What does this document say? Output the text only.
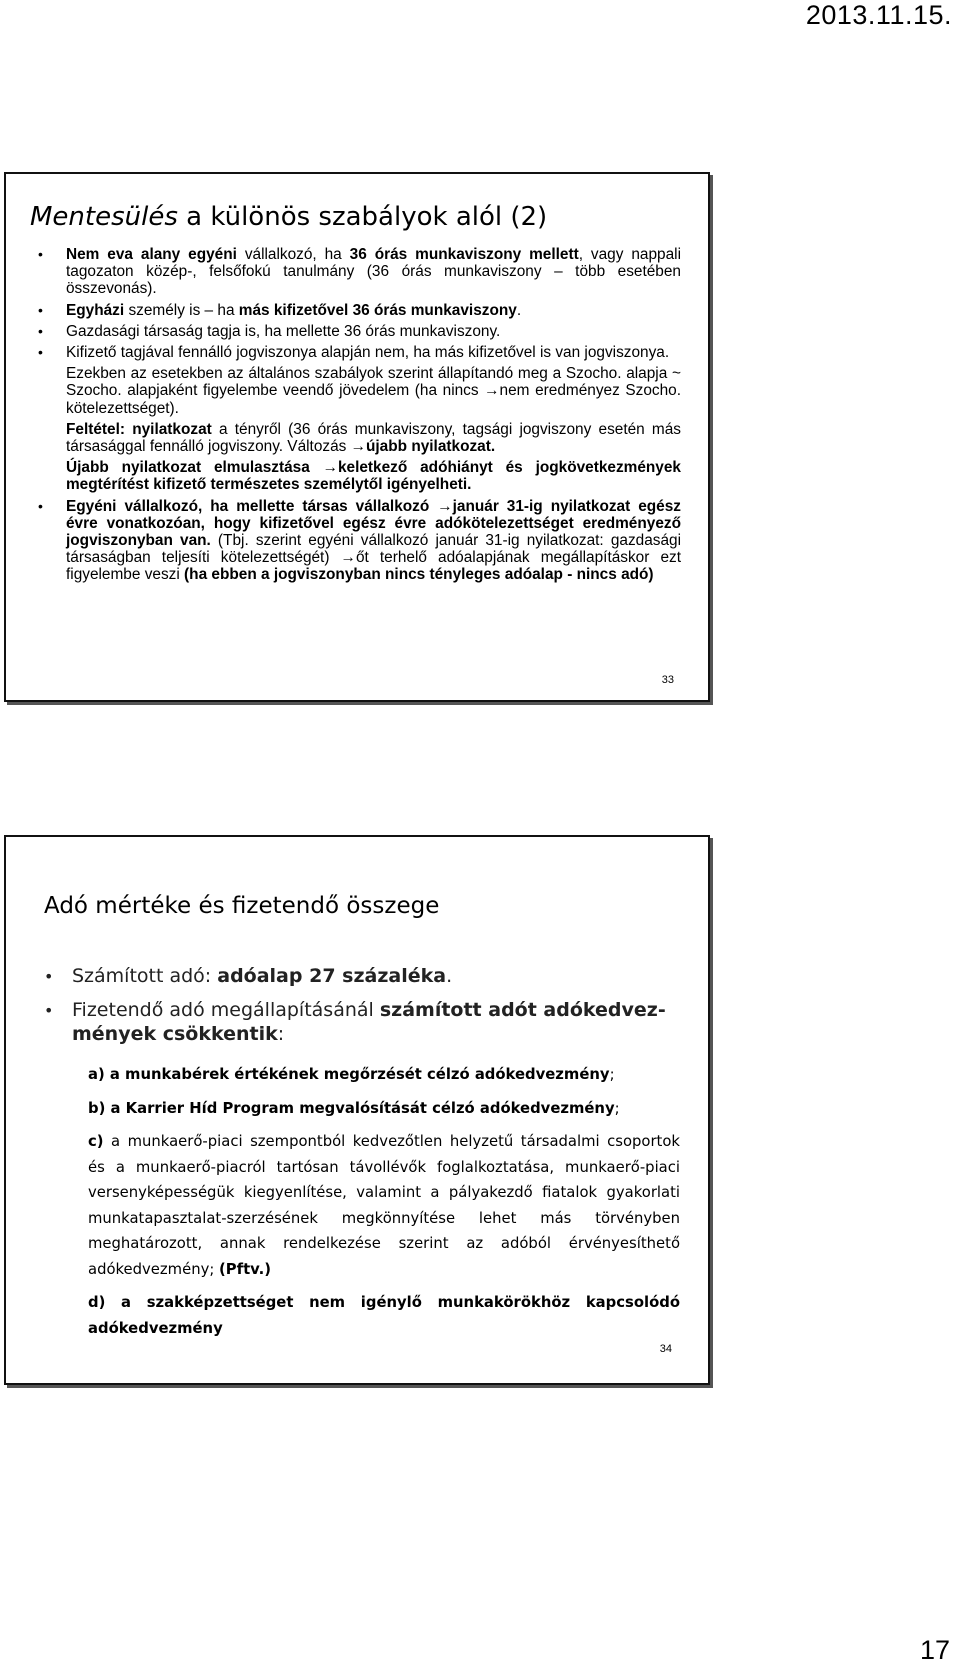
2013.11.15.
Mentesülés a különös szabályok alól (2)
• Nem eva alany egyéni vállalkozó, ha 36 órás munkaviszony mellett, vagy nappali tagozaton közép-, felsőfokú tanulmány (36 órás munkaviszony – több esetében összevonás).
• Egyházi személy is – ha más kifizetővel 36 órás munkaviszony.
• Gazdasági társaság tagja is, ha mellette 36 órás munkaviszony.
• Kifizető tagjával fennálló jogviszonya alapján nem, ha más kifizetővel is van jogviszonya.
Ezekben az esetekben az általános szabályok szerint állapítandó meg a Szocho. alapja ~ Szocho. alapjaként figyelembe veendő jövedelem (ha nincs →nem eredményez Szocho. kötelezettséget).
Feltétel: nyilatkozat a tényről (36 órás munkaviszony, tagsági jogviszony esetén más társasággal fennálló jogviszony. Változás →újabb nyilatkozat.
Újabb nyilatkozat elmulasztása →keletkező adóhiányt és jogkövetkezmények megtérítést kifizető természetes személytől igényelheti.
• Egyéni vállalkozó, ha mellette társas vállalkozó →január 31-ig nyilatkozat egész évre vonatkozóan, hogy kifizetővel egész évre adókötelezettséget eredményező jogviszonyban van. (Tbj. szerint egyéni vállalkozó január 31-ig nyilatkozat: gazdasági társaságban teljesíti kötelezettségét) →őt terhelő adóalapjának megállapításkor ezt figyelembe veszi (ha ebben a jogviszonyban nincs tényleges adóalap - nincs adó)
33
Adó mértéke és fizetendő összege
• Számított adó: adóalap 27 százaléka.
• Fizetendő adó megállapításánál számított adót adókedvez-mények csökkentik:

a) a munkabérek értékének megőrzését célzó adókedvezmény;

b) a Karrier Híd Program megvalósítását célzó adókedvezmény;

c) a munkaerő-piaci szempontból kedvezőtlen helyzetű társadalmi csoportok és a munkaerő-piacról tartósan távollévők foglalkoztatása, munkaerő-piaci versenyképességük kiegyenlítése, valamint a pályakezdő fiatalok gyakorlati munkatapasztalat-szerzésének megkönnyítése lehet más törvényben meghatározott, annak rendelkezése szerint az adóból érvényesíthető adókedvezmény; (Pftv.)

d) a szakképzettséget nem igénylő munkakörökhöz kapcsolódó adókedvezmény

34
17
